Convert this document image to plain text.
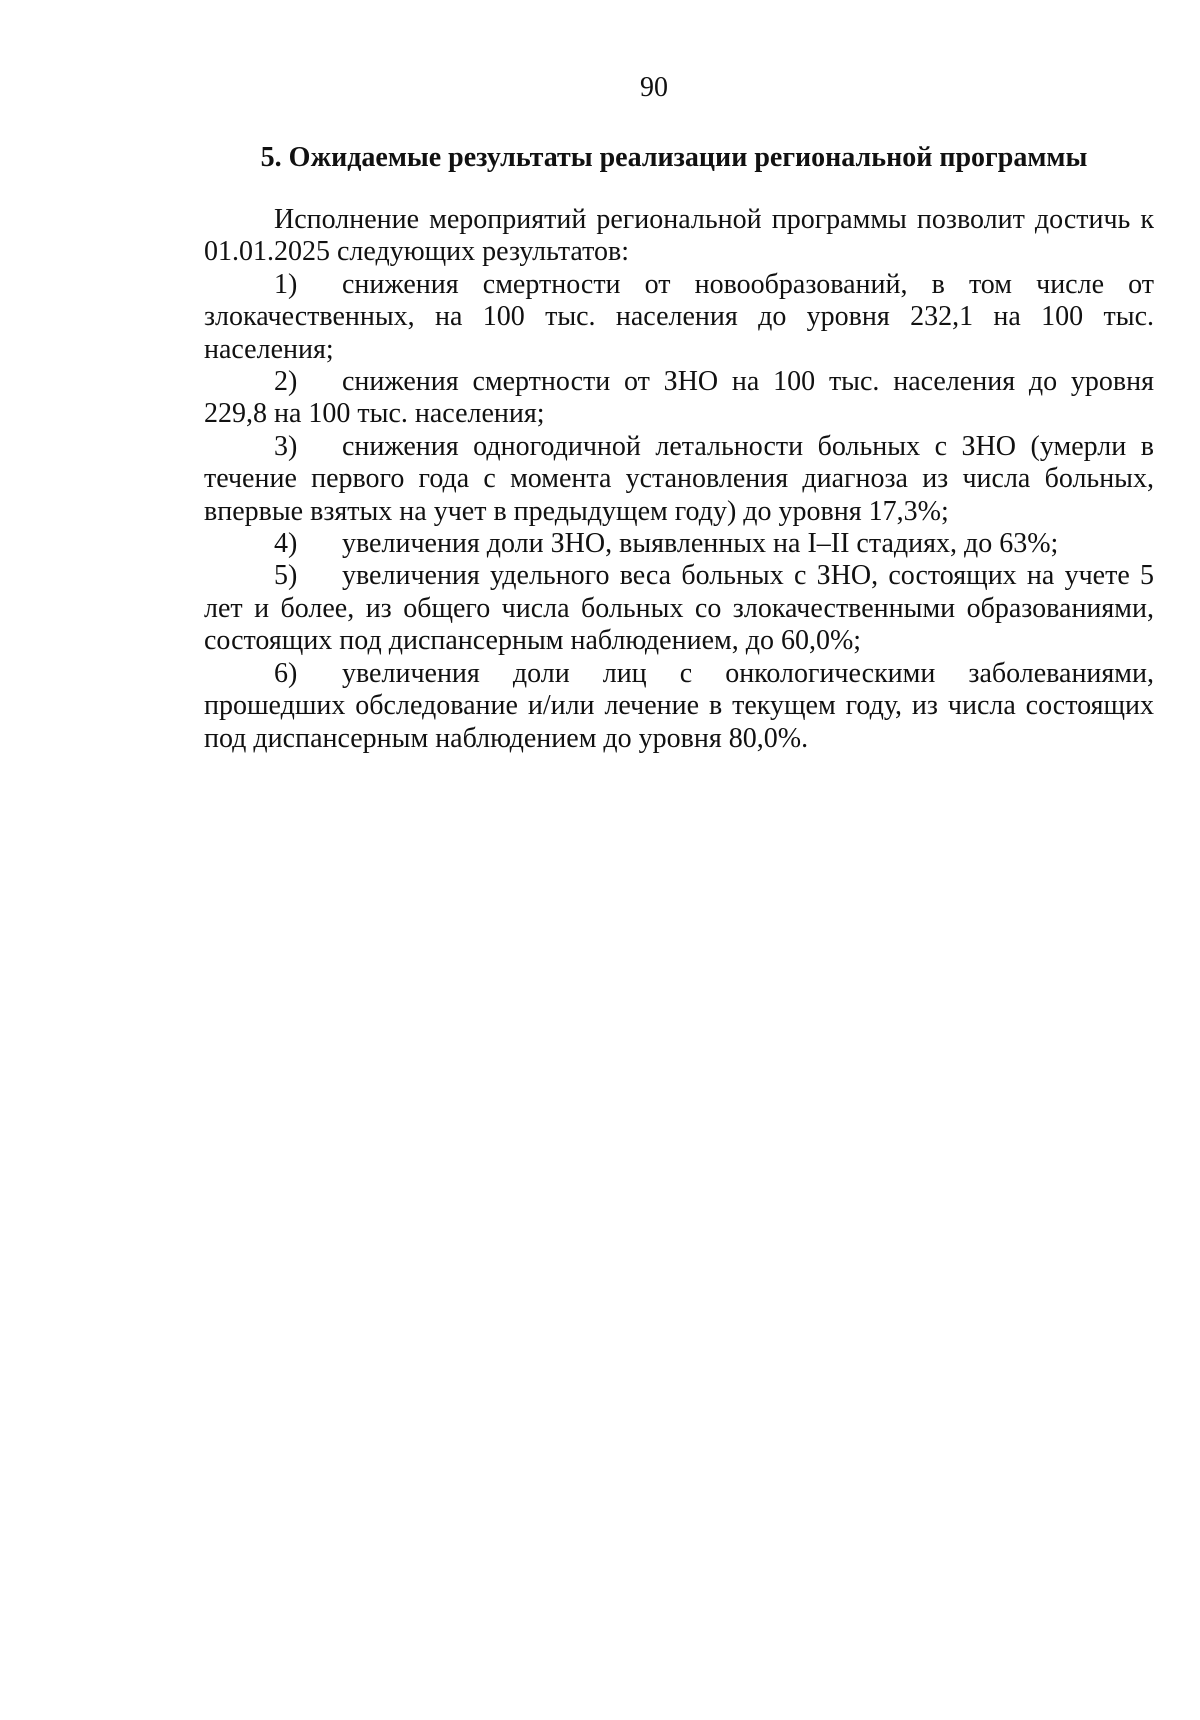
90
5. Ожидаемые результаты реализации региональной программы

Исполнение мероприятий региональной программы позволит достичь к 01.01.2025 следующих результатов:

1) снижения смертности от новообразований, в том числе от злокачественных, на 100 тыс. населения до уровня 232,1 на 100 тыс. населения;

2) снижения смертности от ЗНО на 100 тыс. населения до уровня 229,8 на 100 тыс. населения;

3) снижения одногодичной летальности больных с ЗНО (умерли в течение первого года с момента установления диагноза из числа больных, впервые взятых на учет в предыдущем году) до уровня 17,3%;

4) увеличения доли ЗНО, выявленных на I–II стадиях, до 63%;

5) увеличения удельного веса больных с ЗНО, состоящих на учете 5 лет и более, из общего числа больных со злокачественными образованиями, состоящих под диспансерным наблюдением, до 60,0%;

6) увеличения доли лиц с онкологическими заболеваниями, прошедших обследование и/или лечение в текущем году, из числа состоящих под диспансерным наблюдением до уровня 80,0%.
